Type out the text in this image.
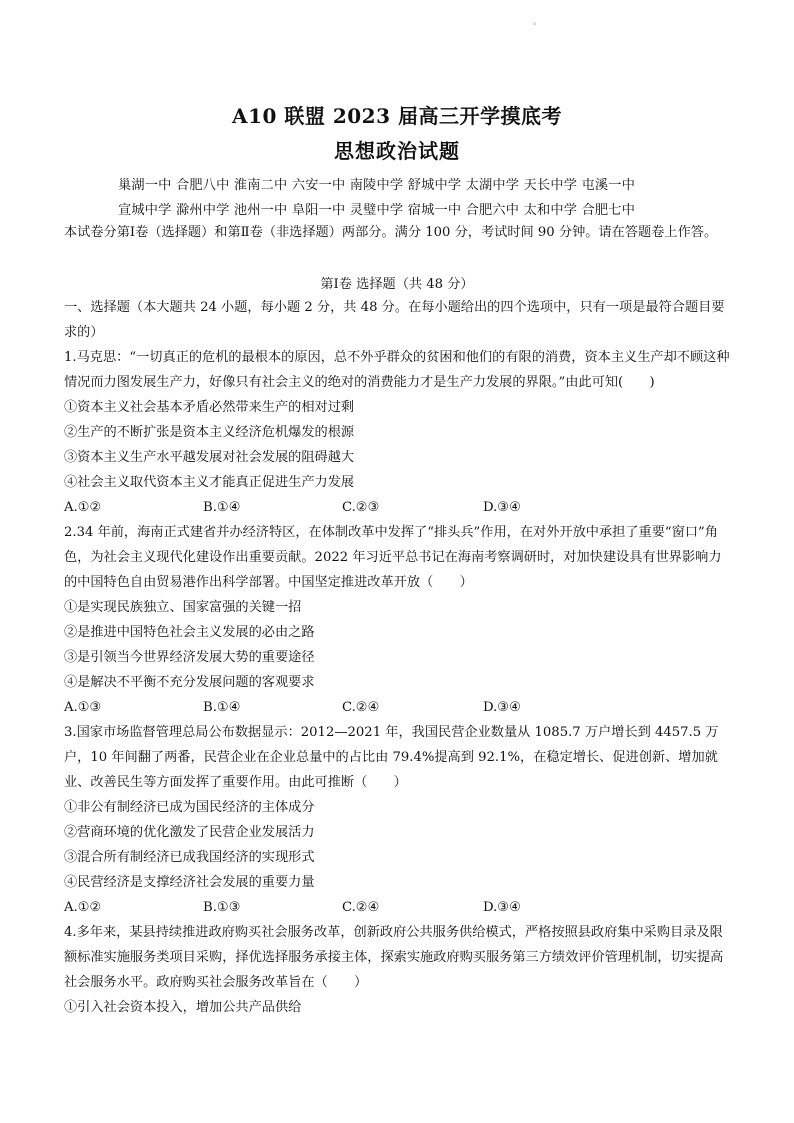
。
A10 联盟 2023 届高三开学摸底考
思想政治试题
巢湖一中 合肥八中 淮南二中 六安一中 南陵中学 舒城中学 太湖中学 天长中学 屯溪一中
宣城中学 滁州中学 池州一中 阜阳一中 灵璧中学 宿城一中 合肥六中 太和中学 合肥七中
本试卷分第Ⅰ卷（选择题）和第Ⅱ卷（非选择题）两部分。满分 100 分，考试时间 90 分钟。请在答题卷上作答。
第Ⅰ卷 选择题（共 48 分）
一、选择题（本大题共 24 小题，每小题 2 分，共 48 分。在每小题给出的四个选项中，只有一项是最符合题目要求的）
1.马克思：“一切真正的危机的最根本的原因，总不外乎群众的贫困和他们的有限的消费，资本主义生产却不顾这种情况而力图发展生产力，好像只有社会主义的绝对的消费能力才是生产力发展的界限。”由此可知(　　)
①资本主义社会基本矛盾必然带来生产的相对过剩
②生产的不断扩张是资本主义经济危机爆发的根源
③资本主义生产水平越发展对社会发展的阻碍越大
④社会主义取代资本主义才能真正促进生产力发展
A.①②	B.①④	C.②③	D.③④
2.34 年前，海南正式建省并办经济特区，在体制改革中发挥了“排头兵”作用，在对外开放中承担了重要“窗口”角色，为社会主义现代化建设作出重要贡献。2022 年习近平总书记在海南考察调研时，对加快建设具有世界影响力的中国特色自由贸易港作出科学部署。中国坚定推进改革开放（　　）
①是实现民族独立、国家富强的关键一招
②是推进中国特色社会主义发展的必由之路
③是引领当今世界经济发展大势的重要途径
④是解决不平衡不充分发展问题的客观要求
A.①③	B.①④	C.②④	D.③④
3.国家市场监督管理总局公布数据显示：2012—2021 年，我国民营企业数量从 1085.7 万户增长到 4457.5 万户，10 年间翻了两番，民营企业在企业总量中的占比由 79.4%提高到 92.1%，在稳定增长、促进创新、增加就业、改善民生等方面发挥了重要作用。由此可推断（　　）
①非公有制经济已成为国民经济的主体成分
②营商环境的优化激发了民营企业发展活力
③混合所有制经济已成我国经济的实现形式
④民营经济是支撑经济社会发展的重要力量
A.①②	B.①③	C.②④	D.③④
4.多年来，某县持续推进政府购买社会服务改革，创新政府公共服务供给模式，严格按照县政府集中采购目录及限额标准实施服务类项目采购，择优选择服务承接主体，探索实施政府购买服务第三方绩效评价管理机制，切实提高社会服务水平。政府购买社会服务改革旨在（　　）
①引入社会资本投入，增加公共产品供给
